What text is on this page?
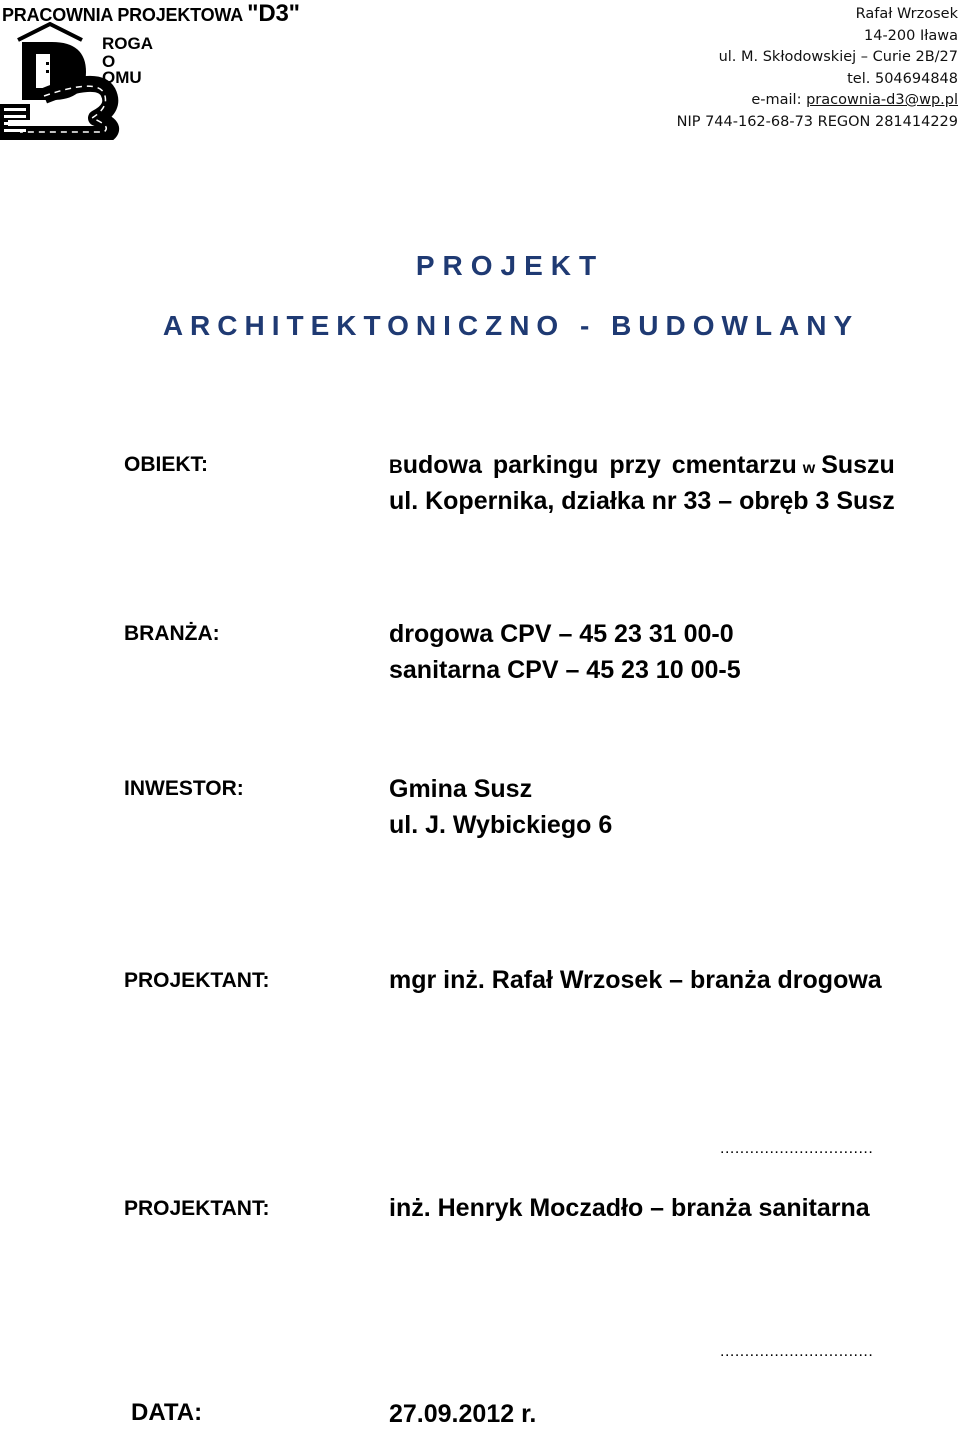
PRACOWNIA PROJEKTOWA "D3"
ROGA
O
OMU
Rafał Wrzosek
14-200 Iława
ul. M. Skłodowskiej – Curie 2B/27
tel. 504694848
e-mail: pracownia-d3@wp.pl
NIP 744-162-68-73 REGON 281414229
PROJEKT
ARCHITEKTONICZNO - BUDOWLANY
OBIEKT:	Budowa parkingu przy cmentarzu w Suszu
ul. Kopernika, działka nr 33 – obręb 3 Susz
BRANŻA:	drogowa CPV – 45 23 31 00-0
sanitarna CPV – 45 23 10 00-5
INWESTOR:	Gmina Susz
ul. J. Wybickiego 6
PROJEKTANT:	mgr inż. Rafał Wrzosek – branża drogowa
...............................
PROJEKTANT:	inż. Henryk Moczadło – branża sanitarna
...............................
DATA:	27.09.2012 r.
